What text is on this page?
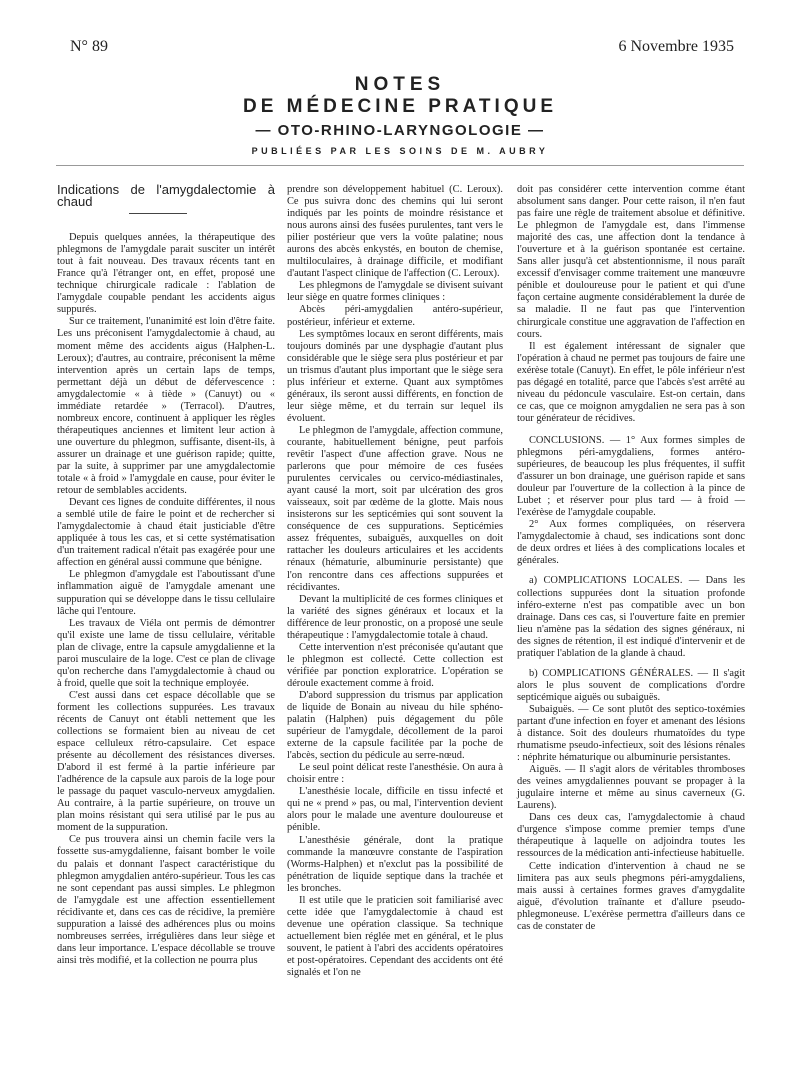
N° 89	6 Novembre 1935
NOTES
DE MÉDECINE PRATIQUE
— OTO-RHINO-LARYNGOLOGIE —
PUBLIÉES PAR LES SOINS DE M. AUBRY

Indications de l'amygdalectomie à chaud

Depuis quelques années, la thérapeutique des phlegmons de l'amygdale parait susciter un intérêt tout à fait nouveau. Des travaux récents tant en France qu'à l'étranger ont, en effet, proposé une technique chirurgicale radicale : l'ablation de l'amygdale coupable pendant les accidents aigus suppurés.

Sur ce traitement, l'unanimité est loin d'être faite. Les uns préconisent l'amygdalectomie à chaud, au moment même des accidents aigus (Halphen-L. Leroux); d'autres, au contraire, préconisent la même intervention après un certain laps de temps, permettant déjà un début de défervescence : amygdalectomie « à tiède » (Canuyt) ou « immédiate retardée » (Terracol). D'autres, nombreux encore, continuent à appliquer les règles thérapeutiques anciennes et limitent leur action à une ouverture du phlegmon, suffisante, disent-ils, à assurer un drainage et une guérison rapide; quitte, par la suite, à supprimer par une amygdalectomie totale « à froid » l'amygdale en cause, pour éviter le retour de semblables accidents.

Devant ces lignes de conduite différentes, il nous a semblé utile de faire le point et de rechercher si l'amygdalectomie à chaud était justiciable d'être appliquée à tous les cas, et si cette systématisation d'un traitement radical n'était pas exagérée pour une affection en général aussi commune que bénigne.

Le phlegmon d'amygdale est l'aboutissant d'une inflammation aiguë de l'amygdale amenant une suppuration qui se développe dans le tissu cellulaire lâche qui l'entoure.

Les travaux de Viéla ont permis de démontrer qu'il existe une lame de tissu cellulaire, véritable plan de clivage, entre la capsule amygdalienne et la paroi musculaire de la loge. C'est ce plan de clivage qu'on recherche dans l'amygdalectomie à chaud ou à froid, quelle que soit la technique employée.

C'est aussi dans cet espace décollable que se forment les collections suppurées. Les travaux récents de Canuyt ont établi nettement que les collections se formaient bien au niveau de cet espace celluleux rétro-capsulaire. Cet espace présente au décollement des résistances diverses. D'abord il est fermé à la partie inférieure par l'adhérence de la capsule aux parois de la loge pour le passage du paquet vasculo-nerveux amygdalien. Au contraire, à la partie supérieure, on trouve un plan moins résistant qui sera utilisé par le pus au moment de la suppuration.

Ce pus trouvera ainsi un chemin facile vers la fossette sus-amygdalienne, faisant bomber le voile du palais et donnant l'aspect caractéristique du phlegmon amygdalien antéro-supérieur. Tous les cas ne sont cependant pas aussi simples. Le phlegmon de l'amygdale est une affection essentiellement récidivante et, dans ces cas de récidive, la première suppuration a laissé des adhérences plus ou moins nombreuses serrées, irrégulières dans leur siège et dans leur importance. L'espace décollable se trouve ainsi très modifié, et la collection ne pourra plus

prendre son développement habituel (C. Leroux). Ce pus suivra donc des chemins qui lui seront indiqués par les points de moindre résistance et nous aurons ainsi des fusées purulentes, tant vers le pilier postérieur que vers la voûte palatine; nous aurons des abcès enkystés, en bouton de chemise, multiloculaires, à drainage difficile, et modifiant d'autant l'aspect clinique de l'affection (C. Leroux).

Les phlegmons de l'amygdale se divisent suivant leur siège en quatre formes cliniques :

Abcès péri-amygdalien antéro-supérieur, postérieur, inférieur et externe.

Les symptômes locaux en seront différents, mais toujours dominés par une dysphagie d'autant plus considérable que le siège sera plus postérieur et par un trismus d'autant plus important que le siège sera plus inférieur et externe. Quant aux symptômes généraux, ils seront aussi différents, en fonction de leur siège même, et du terrain sur lequel ils évoluent.

Le phlegmon de l'amygdale, affection commune, courante, habituellement bénigne, peut parfois revêtir l'aspect d'une affection grave. Nous ne parlerons que pour mémoire de ces fusées purulentes cervicales ou cervico-médiastinales, ayant causé la mort, soit par ulcération des gros vaisseaux, soit par œdème de la glotte. Mais nous insisterons sur les septicémies qui sont souvent la conséquence de ces suppurations. Septicémies assez fréquentes, subaiguës, auxquelles on doit rattacher les douleurs articulaires et les accidents rénaux (hématurie, albuminurie persistante) que l'on rencontre dans ces affections suppurées et récidivantes.

Devant la multiplicité de ces formes cliniques et la variété des signes généraux et locaux et la différence de leur pronostic, on a proposé une seule thérapeutique : l'amygdalectomie totale à chaud.

Cette intervention n'est préconisée qu'autant que le phlegmon est collecté. Cette collection est vérifiée par ponction exploratrice. L'opération se déroule exactement comme à froid.

D'abord suppression du trismus par application de liquide de Bonain au niveau du hile sphéno-palatin (Halphen) puis dégagement du pôle supérieur de l'amygdale, décollement de la paroi externe de la capsule facilitée par la poche de l'abcès, section du pédicule au serre-nœud.

Le seul point délicat reste l'anesthésie. On aura à choisir entre :

L'anesthésie locale, difficile en tissu infecté et qui ne « prend » pas, ou mal, l'intervention devient alors pour le malade une aventure douloureuse et pénible.

L'anesthésie générale, dont la pratique commande la manœuvre constante de l'aspiration (Worms-Halphen) et n'exclut pas la possibilité de pénétration de liquide septique dans la trachée et les bronches.

Il est utile que le praticien soit familiarisé avec cette idée que l'amygdalectomie à chaud est devenue une opération classique. Sa technique actuellement bien réglée met en général, et le plus souvent, le patient à l'abri des accidents opératoires et post-opératoires. Cependant des accidents ont été signalés et l'on ne

doit pas considérer cette intervention comme étant absolument sans danger. Pour cette raison, il n'en faut pas faire une règle de traitement absolue et définitive. Le phlegmon de l'amygdale est, dans l'immense majorité des cas, une affection dont la tendance à l'ouverture et à la guérison spontanée est certaine. Sans aller jusqu'à cet abstentionnisme, il nous paraît excessif d'envisager comme traitement une manœuvre pénible et douloureuse pour le patient et qui d'une façon certaine augmente considérablement la durée de sa maladie. Il ne faut pas que l'intervention chirurgicale constitue une aggravation de l'affection en cours.

Il est également intéressant de signaler que l'opération à chaud ne permet pas toujours de faire une exérèse totale (Canuyt). En effet, le pôle inférieur n'est pas dégagé en totalité, parce que l'abcès s'est arrêté au niveau du pédoncule vasculaire. Est-on certain, dans ce cas, que ce moignon amygdalien ne sera pas à son tour générateur de récidives.

CONCLUSIONS. — 1° Aux formes simples de phlegmons péri-amygdaliens, formes antéro-supérieures, de beaucoup les plus fréquentes, il suffit d'assurer un bon drainage, une guérison rapide et sans douleur par l'ouverture de la collection à la pince de Lubet ; et réserver pour plus tard — à froid — l'exérèse de l'amygdale coupable.

2° Aux formes compliquées, on réservera l'amygdalectomie à chaud, ses indications sont donc de deux ordres et liées à des complications locales et générales.

a) COMPLICATIONS LOCALES. — Dans les collections suppurées dont la situation profonde inféro-externe n'est pas compatible avec un bon drainage. Dans ces cas, si l'ouverture faite en premier lieu n'amène pas la sédation des signes généraux, ni des signes de rétention, il est indiqué d'intervenir et de pratiquer l'ablation de la glande à chaud.

b) COMPLICATIONS GÉNÉRALES. — Il s'agit alors le plus souvent de complications d'ordre septicémique aiguës ou subaiguës.

Subaiguës. — Ce sont plutôt des septico-toxémies partant d'une infection en foyer et amenant des lésions à distance. Soit des douleurs rhumatoïdes du type rhumatisme pseudo-infectieux, soit des lésions rénales : néphrite hématurique ou albuminurie persistantes.

Aiguës. — Il s'agit alors de véritables thromboses des veines amygdaliennes pouvant se propager à la jugulaire interne et même au sinus caverneux (G. Laurens).

Dans ces deux cas, l'amygdalectomie à chaud d'urgence s'impose comme premier temps d'une thérapeutique à laquelle on adjoindra toutes les ressources de la médication anti-infectieuse habituelle.

Cette indication d'intervention à chaud ne se limitera pas aux seuls phegmons péri-amygdaliens, mais aussi à certaines formes graves d'amygdalite aiguë, d'évolution traînante et d'allure pseudo-phlegmoneuse. L'exérèse permettra d'ailleurs dans ce cas de constater de
